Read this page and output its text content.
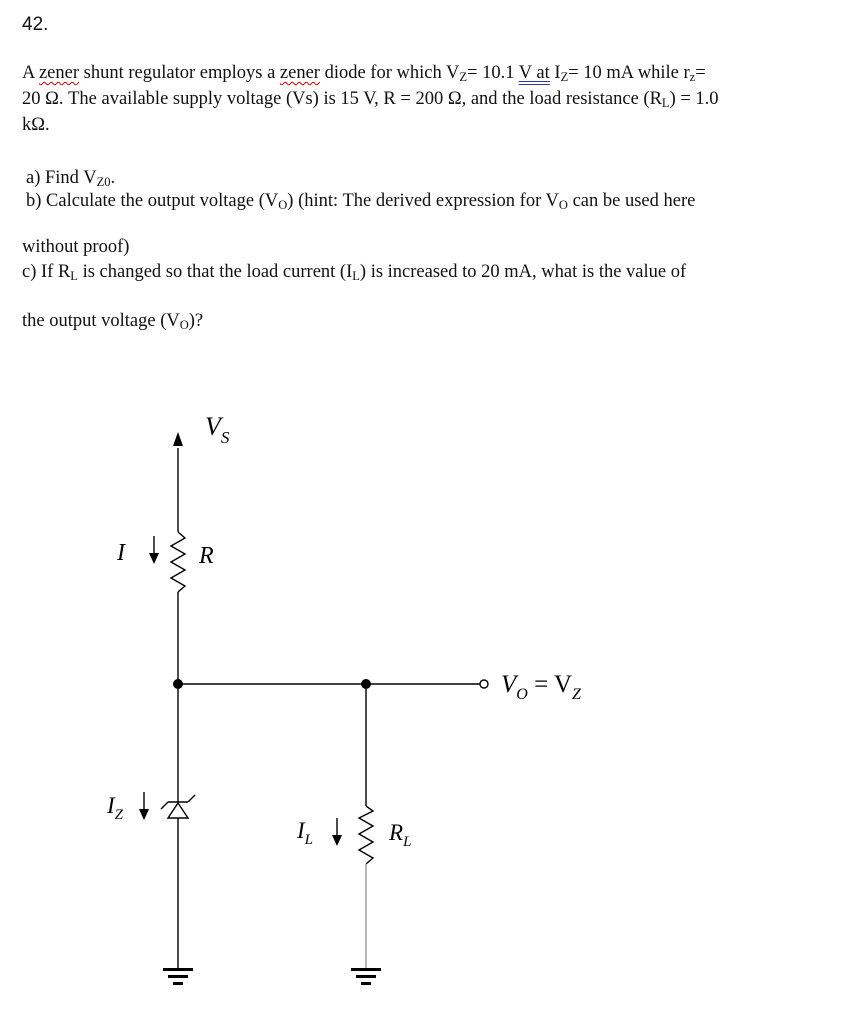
42.
A zener shunt regulator employs a zener diode for which $V_Z= 10.1$ V at $I_Z= 10$ mA while $r_z=$
20 Ω. The available supply voltage (Vs) is 15 V, R = 200 Ω, and the load resistance $(R_L) = 1.0$
kΩ.
a) Find $V_{Z0}$.
b) Calculate the output voltage $(V_O)$ (hint: The derived expression for $V_O$ can be used here
without proof)
c) If $R_L$ is changed so that the load current $(I_L)$ is increased to 20 mA, what is the value of
the output voltage $(V_O)$?
$V_S$
I	R
$V_O = V_Z$
$I_Z$
$I_L$	$R_L$
